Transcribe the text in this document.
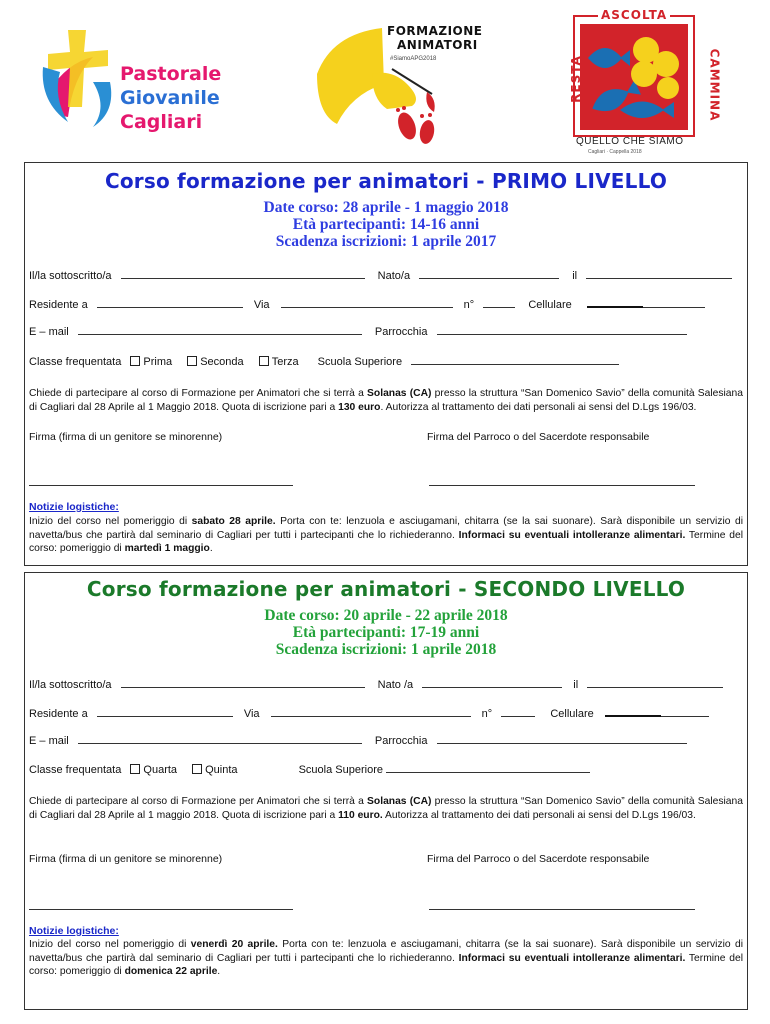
Pastorale
Giovanile
Cagliari
FORMAZIONE
ANIMATORI
#SiamoAPG2018
ASCOLTA
RESTA	CAMMINA
QUELLO CHE SIAMO
Cagliari · Cappella 2018
Corso formazione per animatori - PRIMO LIVELLO
Date corso: 28 aprile - 1 maggio 2018
Età partecipanti: 14-16 anni
Scadenza iscrizioni: 1 aprile 2017
Il/la sottoscritto/a	Nato/a	il
Residente a	Via	n°	Cellulare
E – mail	Parrocchia
Classe frequentata Prima	Seconda	Terza Scuola Superiore
Chiede di partecipare al corso di Formazione per Animatori che si terrà a Solanas (CA) presso la struttura “San Domenico Savio” della comunità Salesiana di Cagliari dal 28 Aprile al 1 Maggio 2018. Quota di iscrizione pari a 130 euro. Autorizza al trattamento dei dati personali ai sensi del D.Lgs 196/03.
Firma (firma di un genitore se minorenne)	Firma del Parroco o del Sacerdote responsabile
Notizie logistiche:
Inizio del corso nel pomeriggio di sabato 28 aprile. Porta con te: lenzuola e asciugamani, chitarra (se la sai suonare). Sarà disponibile un servizio di navetta/bus che partirà dal seminario di Cagliari per tutti i partecipanti che lo richiederanno. Informaci su eventuali intolleranze alimentari. Termine del corso: pomeriggio di martedì 1 maggio.
Corso formazione per animatori - SECONDO LIVELLO
Date corso: 20 aprile - 22 aprile 2018
Età partecipanti: 17-19 anni
Scadenza iscrizioni: 1 aprile 2018
Il/la sottoscritto/a	Nato /a	il
Residente a	Via	n°	Cellulare
E – mail	Parrocchia
Classe frequentata Quarta	Quinta	Scuola Superiore
Chiede di partecipare al corso di Formazione per Animatori che si terrà a Solanas (CA) presso la struttura “San Domenico Savio” della comunità Salesiana di Cagliari dal 28 Aprile al 1 maggio 2018. Quota di iscrizione pari a 110 euro. Autorizza al trattamento dei dati personali ai sensi del D.Lgs 196/03.
Firma (firma di un genitore se minorenne)	Firma del Parroco o del Sacerdote responsabile
Notizie logistiche:
Inizio del corso nel pomeriggio di venerdì 20 aprile. Porta con te: lenzuola e asciugamani, chitarra (se la sai suonare). Sarà disponibile un servizio di navetta/bus che partirà dal seminario di Cagliari per tutti i partecipanti che lo richiederanno. Informaci su eventuali intolleranze alimentari. Termine del corso: pomeriggio di domenica 22 aprile.
